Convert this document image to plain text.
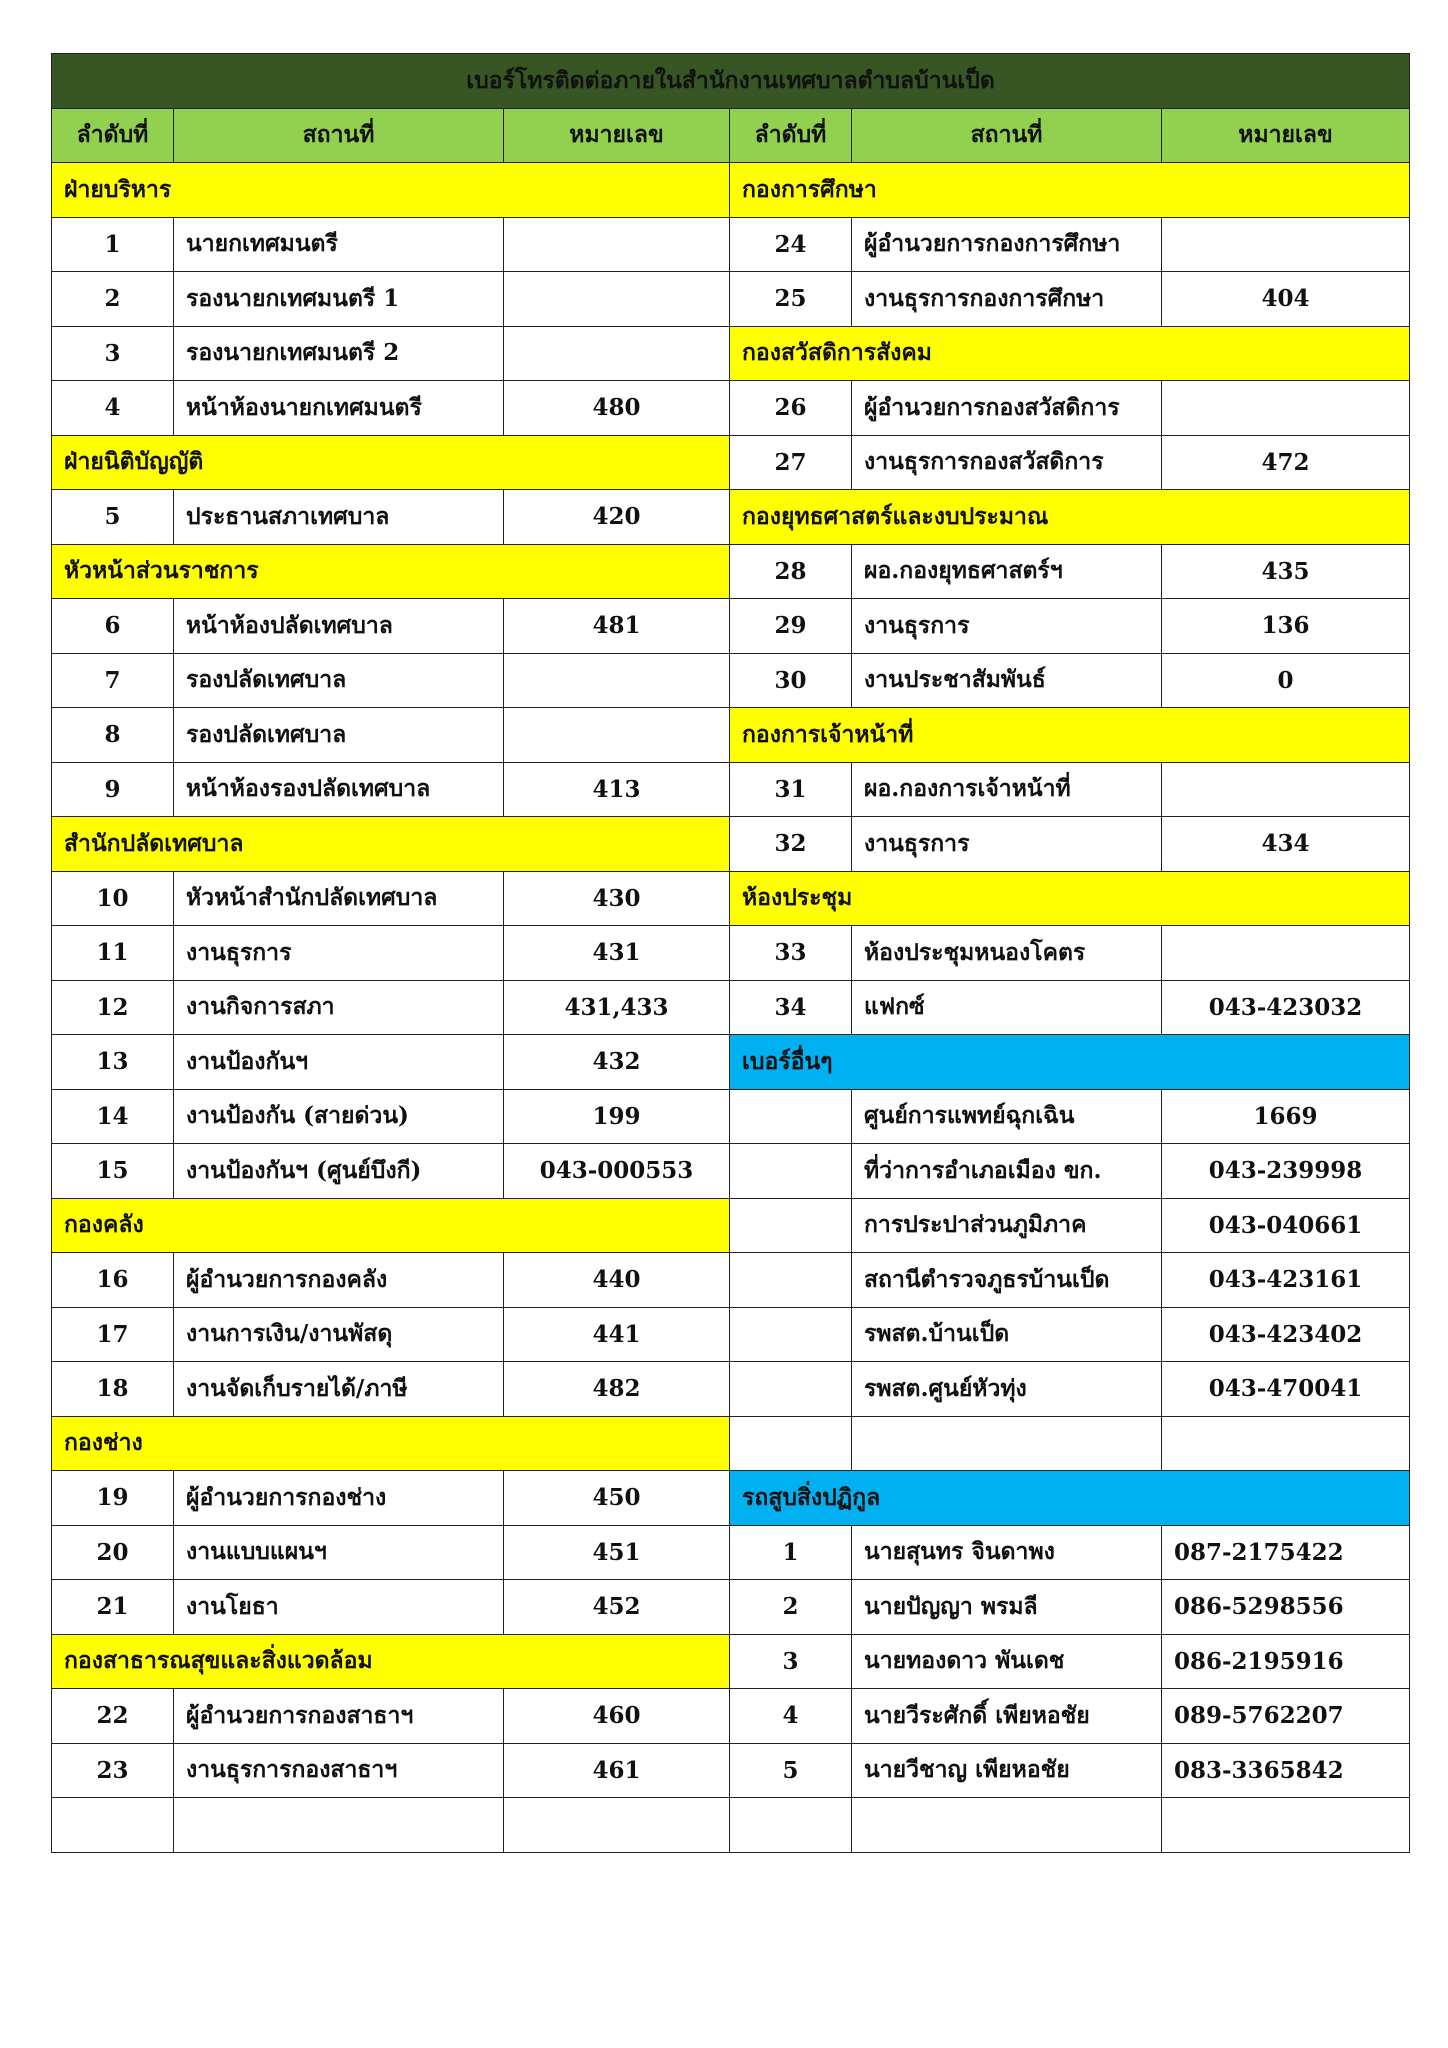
เบอร์โทรติดต่อภายในสำนักงานเทศบาลตำบลบ้านเป็ด					
ลำดับที่	สถานที่	หมายเลข	ลำดับที่	สถานที่	หมายเลข
ฝ่ายบริหาร			กองการศึกษา		
1	นายกเทศมนตรี		24	ผู้อำนวยการกองการศึกษา	
2	รองนายกเทศมนตรี 1		25	งานธุรการกองการศึกษา	404
3	รองนายกเทศมนตรี 2		กองสวัสดิการสังคม		
4	หน้าห้องนายกเทศมนตรี	480	26	ผู้อำนวยการกองสวัสดิการ	
ฝ่ายนิติบัญญัติ			27	งานธุรการกองสวัสดิการ	472
5	ประธานสภาเทศบาล	420	กองยุทธศาสตร์และงบประมาณ		
หัวหน้าส่วนราชการ			28	ผอ.กองยุทธศาสตร์ฯ	435
6	หน้าห้องปลัดเทศบาล	481	29	งานธุรการ	136
7	รองปลัดเทศบาล		30	งานประชาสัมพันธ์	0
8	รองปลัดเทศบาล		กองการเจ้าหน้าที่		
9	หน้าห้องรองปลัดเทศบาล	413	31	ผอ.กองการเจ้าหน้าที่	
สำนักปลัดเทศบาล			32	งานธุรการ	434
10	หัวหน้าสำนักปลัดเทศบาล	430	ห้องประชุม		
11	งานธุรการ	431	33	ห้องประชุมหนองโคตร	
12	งานกิจการสภา	431,433	34	แฟกซ์	043-423032
13	งานป้องกันฯ	432	เบอร์อื่นๆ		
14	งานป้องกัน (สายด่วน)	199		ศูนย์การแพทย์ฉุกเฉิน	1669
15	งานป้องกันฯ (ศูนย์บึงกี)	043-000553		ที่ว่าการอำเภอเมือง ขก.	043-239998
กองคลัง				การประปาส่วนภูมิภาค	043-040661
16	ผู้อำนวยการกองคลัง	440		สถานีตำรวจภูธรบ้านเป็ด	043-423161
17	งานการเงิน/งานพัสดุ	441		รพสต.บ้านเป็ด	043-423402
18	งานจัดเก็บรายได้/ภาษี	482		รพสต.ศูนย์หัวทุ่ง	043-470041
กองช่าง					
19	ผู้อำนวยการกองช่าง	450	รถสูบสิ่งปฏิกูล		
20	งานแบบแผนฯ	451	1	นายสุนทร จินดาพง	087-2175422
21	งานโยธา	452	2	นายปัญญา พรมลี	086-5298556
กองสาธารณสุขและสิ่งแวดล้อม			3	นายทองดาว พันเดช	086-2195916
22	ผู้อำนวยการกองสาธาฯ	460	4	นายวีระศักดิ์ เพียหอชัย	089-5762207
23	งานธุรการกองสาธาฯ	461	5	นายวีชาญ เพียหอชัย	083-3365842
